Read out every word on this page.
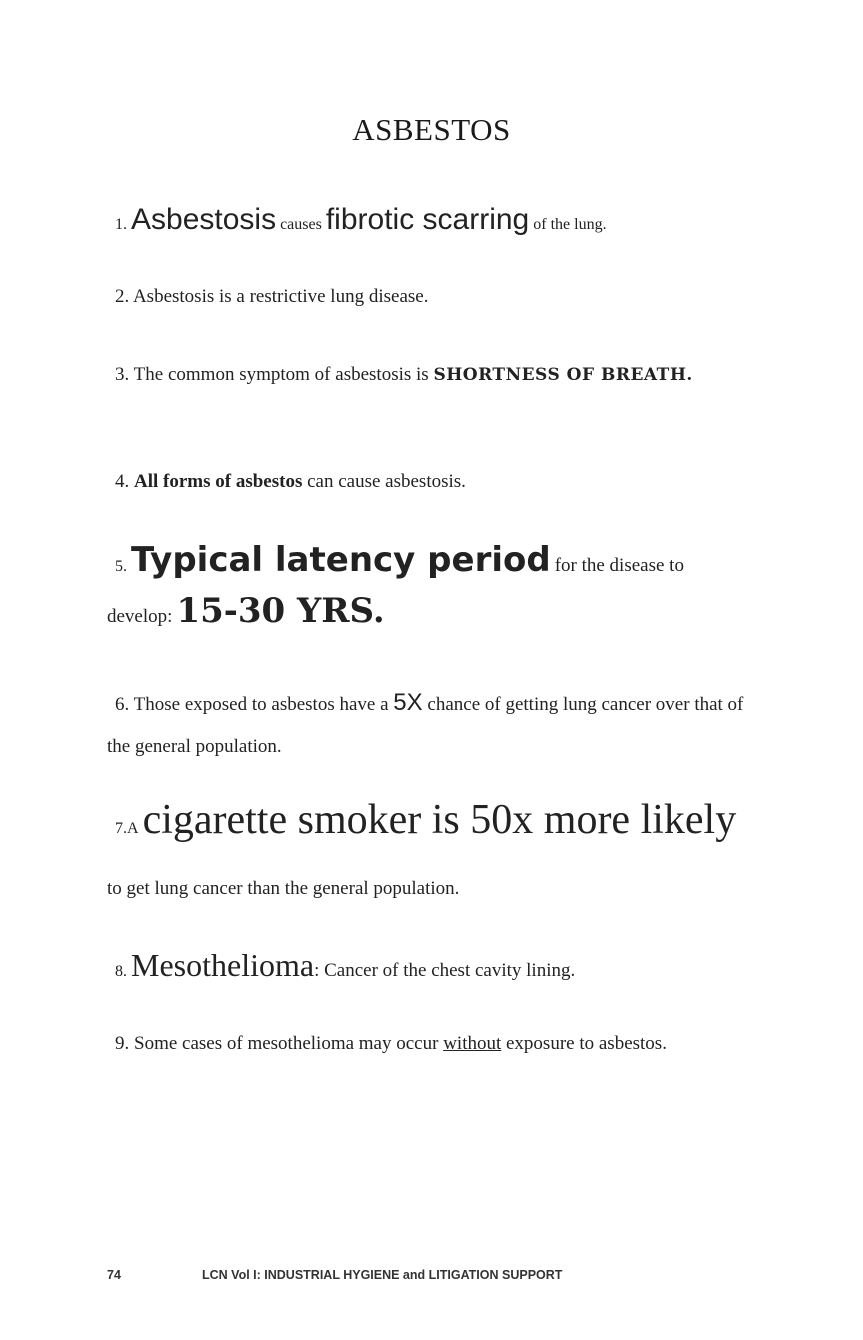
ASBESTOS
1. Asbestosis causes fibrotic scarring of the lung.
2. Asbestosis is a restrictive lung disease.
3. The common symptom of asbestosis is SHORTNESS OF BREATH.
4. All forms of asbestos can cause asbestosis.
5. Typical latency period for the disease to develop: 15-30 YRS.
6. Those exposed to asbestos have a 5X chance of getting lung cancer over that of the general population.
7.A cigarette smoker is 50x more likely to get lung cancer than the general population.
8. Mesothelioma: Cancer of the chest cavity lining.
9. Some cases of mesothelioma may occur without exposure to asbestos.
74	LCN Vol I: INDUSTRIAL HYGIENE and LITIGATION SUPPORT
